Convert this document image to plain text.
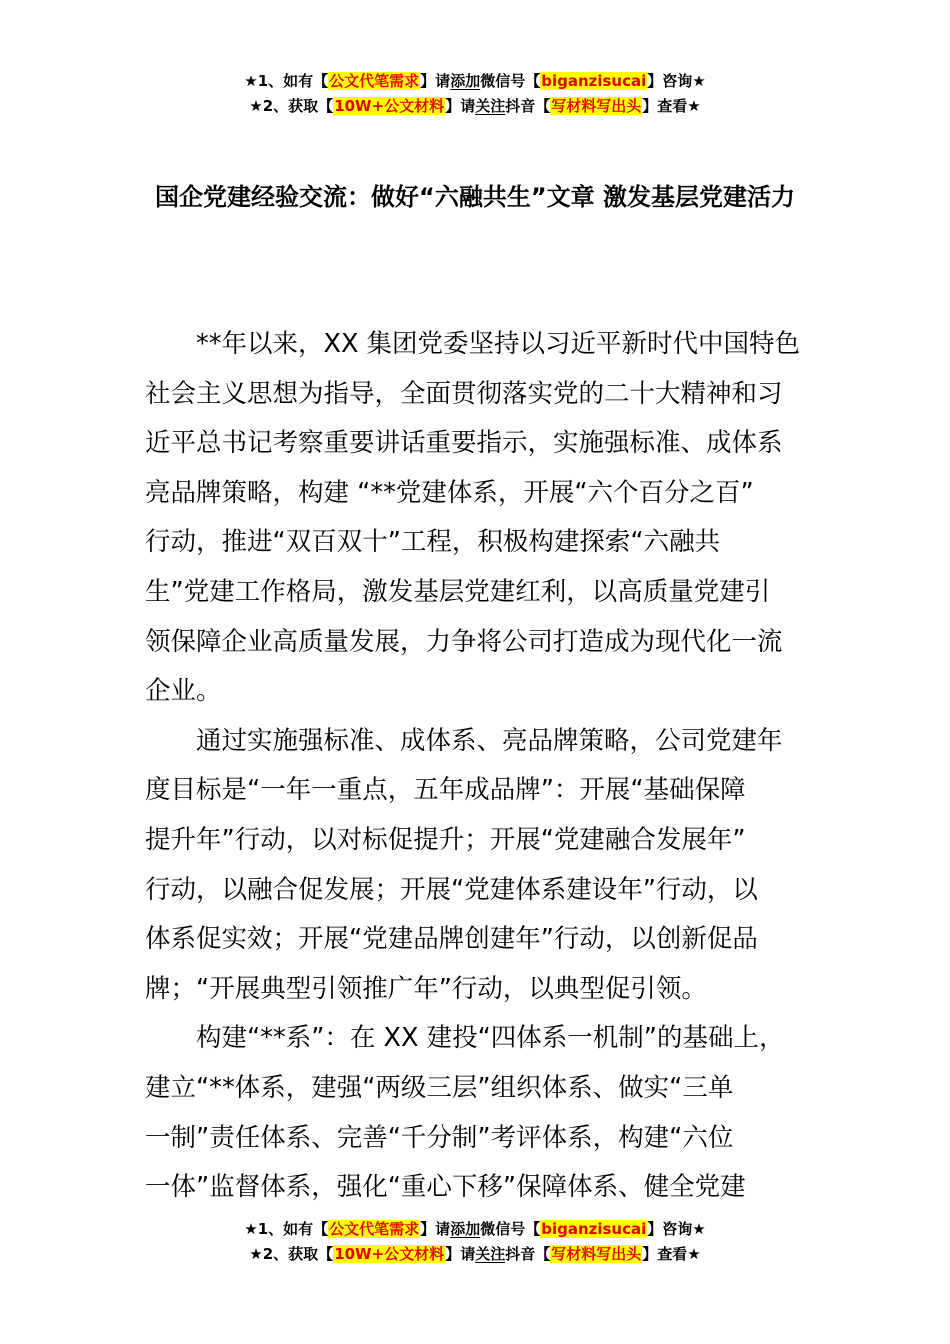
★1、如有【公文代笔需求】请添加微信号【biganzisucai】咨询★
★2、获取【10W+公文材料】请关注抖音【写材料写出头】查看★
国企党建经验交流：做好“六融共生”文章 激发基层党建活力
**年以来，XX 集团党委坚持以习近平新时代中国特色
社会主义思想为指导，全面贯彻落实党的二十大精神和习
近平总书记考察重要讲话重要指示，实施强标准、成体系
亮品牌策略，构建 “**党建体系，开展“六个百分之百”
行动，推进“双百双十”工程，积极构建探索“六融共
生”党建工作格局，激发基层党建红利，以高质量党建引
领保障企业高质量发展，力争将公司打造成为现代化一流
企业。
通过实施强标准、成体系、亮品牌策略，公司党建年
度目标是“一年一重点，五年成品牌”：开展“基础保障
提升年”行动，以对标促提升；开展“党建融合发展年”
行动，以融合促发展；开展“党建体系建设年”行动，以
体系促实效；开展“党建品牌创建年”行动，以创新促品
牌；“开展典型引领推广年”行动，以典型促引领。
构建“**系”：在 XX 建投“四体系一机制”的基础上，
建立“**体系，建强“两级三层”组织体系、做实“三单
一制”责任体系、完善“千分制”考评体系，构建“六位
一体”监督体系，强化“重心下移”保障体系、健全党建
★1、如有【公文代笔需求】请添加微信号【biganzisucai】咨询★
★2、获取【10W+公文材料】请关注抖音【写材料写出头】查看★
